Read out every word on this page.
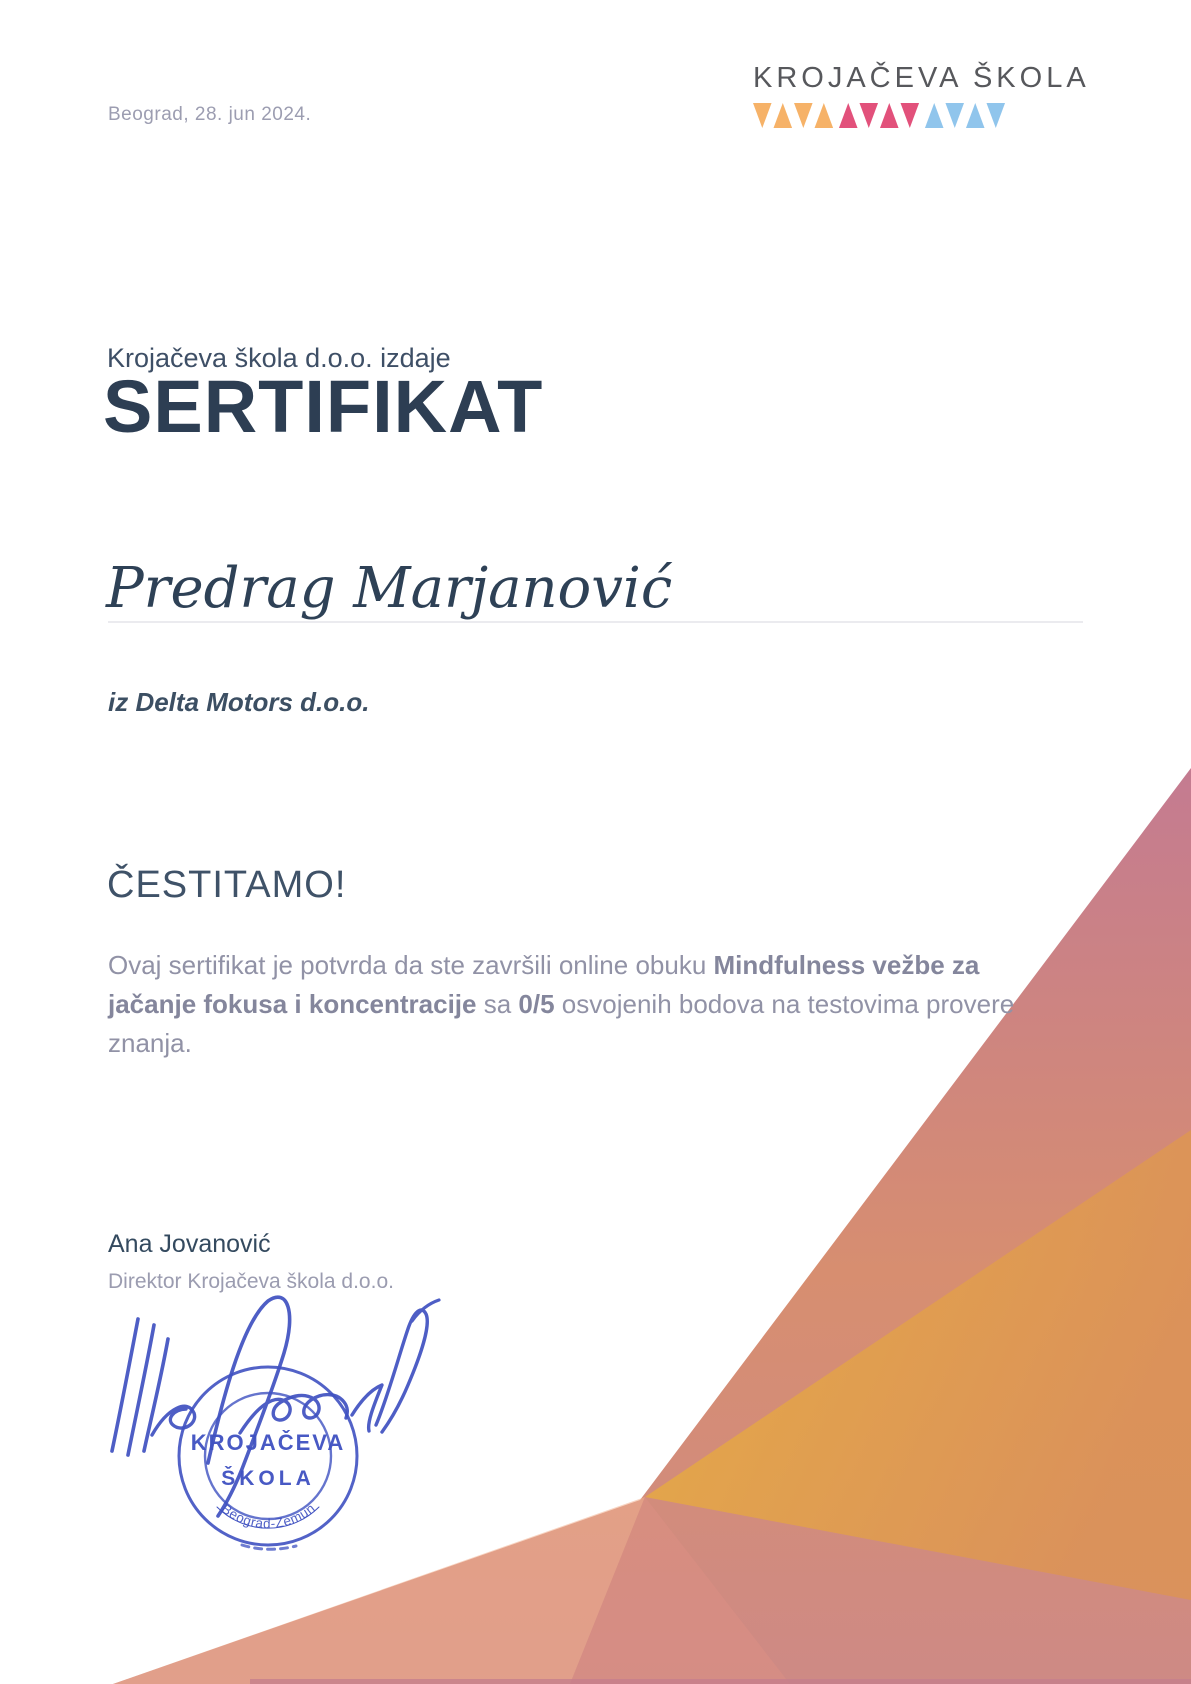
Beograd, 28. jun 2024.
KROJAČEVA ŠKOLA
Krojačeva škola d.o.o. izdaje
SERTIFIKAT
Predrag Marjanović
iz Delta Motors d.o.o.
ČESTITAMO!
Ovaj sertifikat je potvrda da ste završili online obuku Mindfulness vežbe za jačanje fokusa i koncentracije sa 0/5 osvojenih bodova na testovima provere znanja.
Ana Jovanović
Direktor Krojačeva škola d.o.o.
KROJAČEVA
ŠKOLA
Beograd-Zemun
